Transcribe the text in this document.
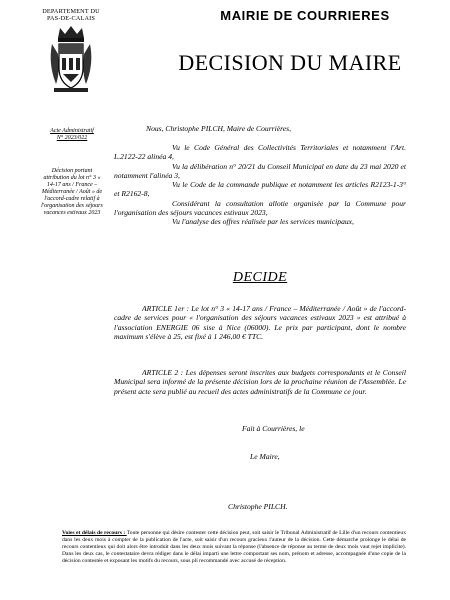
DEPARTEMENT DU PAS-DE-CALAIS
Acte Administratif
N° 2023/022
Décision portant attribution du lot n° 3 « 14-17 ans / France – Méditerranée / Août » de l'accord-cadre relatif à l'organisation des séjours vacances estivaux 2023
MAIRIE DE COURRIERES
DECISION DU MAIRE
Nous, Christophe PILCH, Maire de Courrières,

Vu le Code Général des Collectivités Territoriales et notamment l'Art. L.2122-22 alinéa 4,

Vu la délibération n° 20/21 du Conseil Municipal en date du 23 mai 2020 et notamment l'alinéa 3,

Vu le Code de la commande publique et notamment les articles R2123-1-3° et R2162-8,

Considérant la consultation allotie organisée par la Commune pour l'organisation des séjours vacances estivaux 2023,

Vu l'analyse des offres réalisée par les services municipaux,

DECIDE
ARTICLE 1er : Le lot n° 3 « 14-17 ans / France – Méditerranée / Août » de l'accord-cadre de services pour « l'organisation des séjours vacances estivaux 2023 » est attribué à l'association ENERGIE 06 sise à Nice (06000). Le prix par participant, dont le nombre maximum s'élève à 25, est fixé à 1 246,00 € TTC.
ARTICLE 2 : Les dépenses seront inscrites aux budgets correspondants et le Conseil Municipal sera informé de la présente décision lors de la prochaine réunion de l'Assemblée. Le présent acte sera publié au recueil des actes administratifs de la Commune ce jour.
Fait à Courrières, le
Le Maire,
Christophe PILCH.
Voies et délais de recours : Toute personne qui désire contester cette décision peut, soit saisir le Tribunal Administratif de Lille d'un recours contentieux dans les deux mois à compter de la publication de l'acte, soit saisir d'un recours gracieux l'auteur de la décision. Cette démarche prolonge le délai de recours contentieux qui doit alors être introduit dans les deux mois suivant la réponse (l'absence de réponse au terme de deux mois vaut rejet implicite). Dans les deux cas, le contestataire devra rédiger dans le délai imparti une lettre comportant ses nom, prénom et adresse, accompagnée d'une copie de la décision contestée et exposant les motifs du recours, sous pli recommandé avec accusé de réception.
